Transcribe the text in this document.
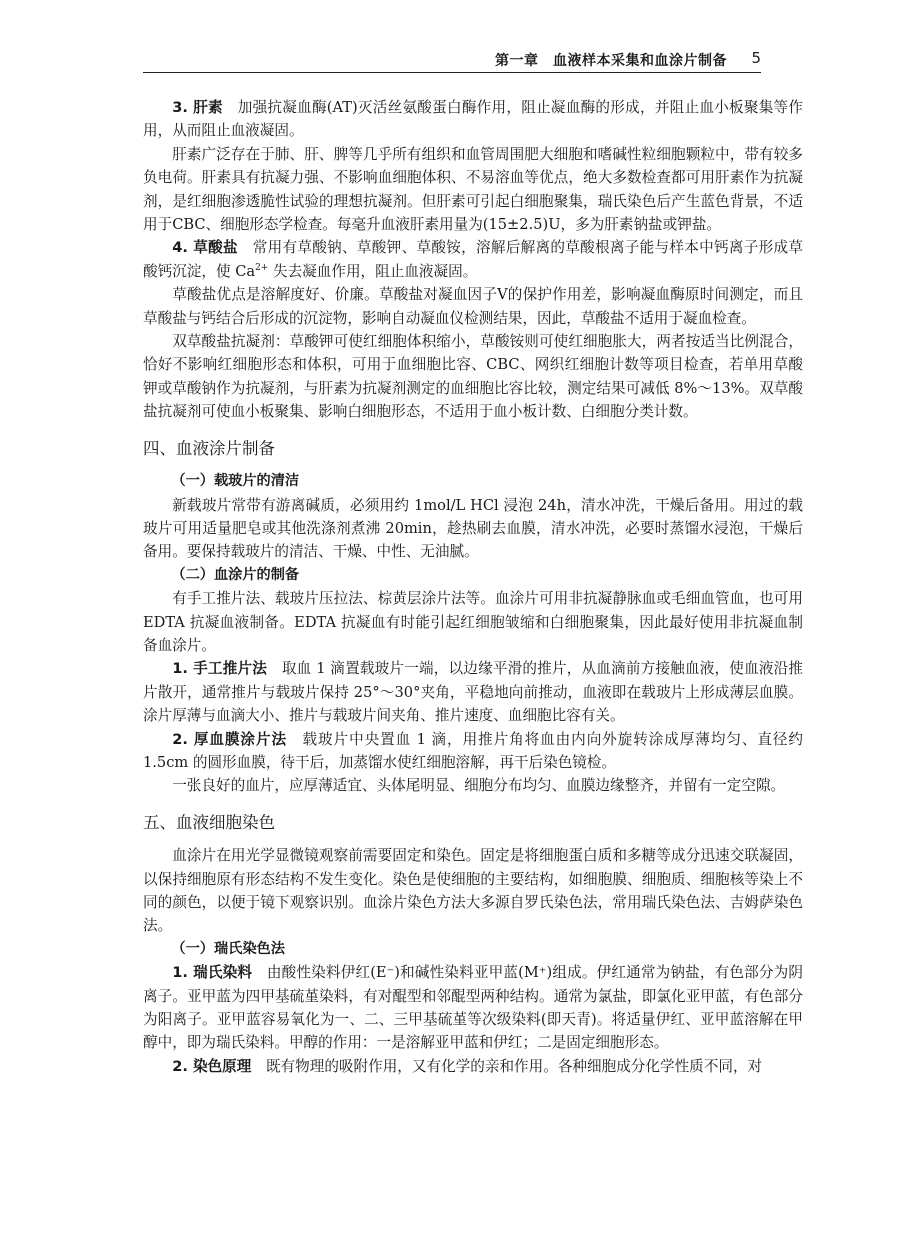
第一章　血液样本采集和血涂片制备 5

3. 肝素　 加强抗凝血酶(AT)灭活丝氨酸蛋白酶作用，阻止凝血酶的形成，并阻止血小板聚集等作用，从而阻止血液凝固。

肝素广泛存在于肺、肝、脾等几乎所有组织和血管周围肥大细胞和嗜碱性粒细胞颗粒中，带有较多负电荷。肝素具有抗凝力强、不影响血细胞体积、不易溶血等优点，绝大多数检查都可用肝素作为抗凝剂，是红细胞渗透脆性试验的理想抗凝剂。但肝素可引起白细胞聚集，瑞氏染色后产生蓝色背景，不适用于CBC、细胞形态学检查。每毫升血液肝素用量为(15±2.5)U，多为肝素钠盐或钾盐。

4. 草酸盐　 常用有草酸钠、草酸钾、草酸铵，溶解后解离的草酸根离子能与样本中钙离子形成草酸钙沉淀，使 $Ca^{2+}$ 失去凝血作用，阻止血液凝固。

草酸盐优点是溶解度好、价廉。草酸盐对凝血因子Ⅴ的保护作用差，影响凝血酶原时间测定，而且草酸盐与钙结合后形成的沉淀物，影响自动凝血仪检测结果，因此，草酸盐不适用于凝血检查。

双草酸盐抗凝剂：草酸钾可使红细胞体积缩小，草酸铵则可使红细胞胀大，两者按适当比例混合，恰好不影响红细胞形态和体积，可用于血细胞比容、CBC、网织红细胞计数等项目检查，若单用草酸钾或草酸钠作为抗凝剂，与肝素为抗凝剂测定的血细胞比容比较，测定结果可减低 8%～13%。双草酸盐抗凝剂可使血小板聚集、影响白细胞形态，不适用于血小板计数、白细胞分类计数。

四、血液涂片制备
（一）载玻片的清洁

新载玻片常带有游离碱质，必须用约 1mol/L HCl 浸泡 24h，清水冲洗，干燥后备用。用过的载玻片可用适量肥皂或其他洗涤剂煮沸 20min，趁热刷去血膜，清水冲洗，必要时蒸馏水浸泡，干燥后备用。要保持载玻片的清洁、干燥、中性、无油腻。

（二）血涂片的制备

有手工推片法、载玻片压拉法、棕黄层涂片法等。血涂片可用非抗凝静脉血或毛细血管血，也可用 EDTA 抗凝血液制备。EDTA 抗凝血有时能引起红细胞皱缩和白细胞聚集，因此最好使用非抗凝血制备血涂片。

1. 手工推片法　 取血 1 滴置载玻片一端，以边缘平滑的推片，从血滴前方接触血液，使血液沿推片散开，通常推片与载玻片保持 25°～30°夹角，平稳地向前推动，血液即在载玻片上形成薄层血膜。涂片厚薄与血滴大小、推片与载玻片间夹角、推片速度、血细胞比容有关。

2. 厚血膜涂片法　 载玻片中央置血 1 滴，用推片角将血由内向外旋转涂成厚薄均匀、直径约 1.5cm 的圆形血膜，待干后，加蒸馏水使红细胞溶解，再干后染色镜检。

一张良好的血片，应厚薄适宜、头体尾明显、细胞分布均匀、血膜边缘整齐，并留有一定空隙。

五、血液细胞染色

血涂片在用光学显微镜观察前需要固定和染色。固定是将细胞蛋白质和多糖等成分迅速交联凝固，以保持细胞原有形态结构不发生变化。染色是使细胞的主要结构，如细胞膜、细胞质、细胞核等染上不同的颜色，以便于镜下观察识别。血涂片染色方法大多源自罗氏染色法，常用瑞氏染色法、吉姆萨染色法。

（一）瑞氏染色法

1. 瑞氏染料　 由酸性染料伊红(E⁻)和碱性染料亚甲蓝(M⁺)组成。伊红通常为钠盐，有色部分为阴离子。亚甲蓝为四甲基硫堇染料，有对醌型和邻醌型两种结构。通常为氯盐，即氯化亚甲蓝，有色部分为阳离子。亚甲蓝容易氧化为一、二、三甲基硫堇等次级染料(即天青)。将适量伊红、亚甲蓝溶解在甲醇中，即为瑞氏染料。甲醇的作用：一是溶解亚甲蓝和伊红；二是固定细胞形态。

2. 染色原理　 既有物理的吸附作用，又有化学的亲和作用。各种细胞成分化学性质不同，对
